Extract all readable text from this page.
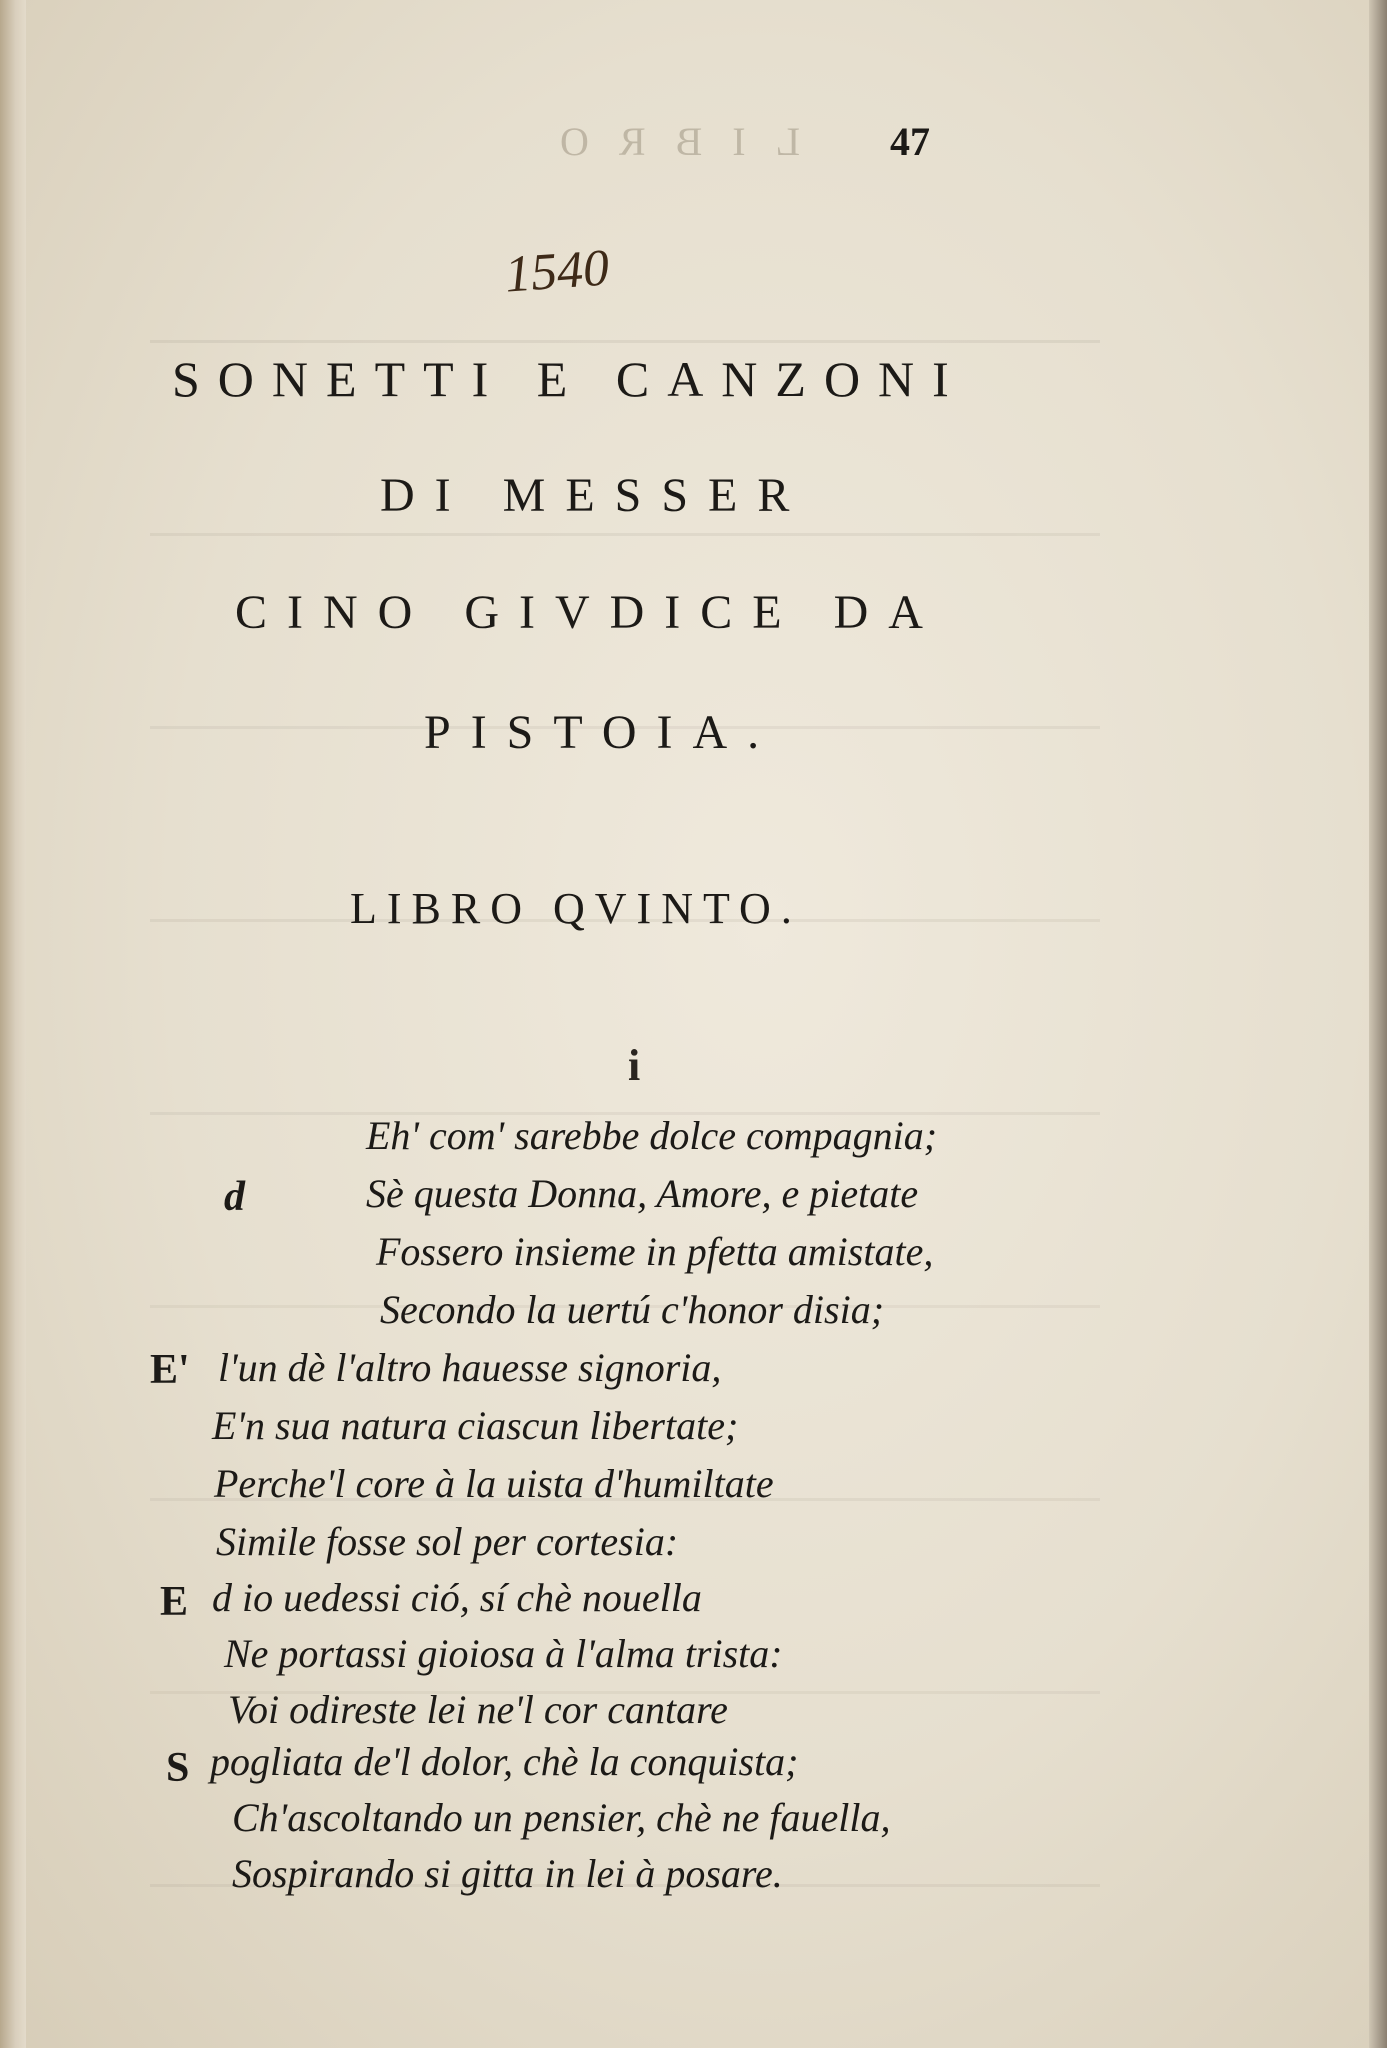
LIBRO 47
1540
SONETTI E CANZONI
DI MESSER
CINO GIVDICE DA
PISTOIA.
LIBRO QVINTO.
i
d
Eh' com' sarebbe dolce compagnia;
Sè questa Donna, Amore, e pietate
Fossero insieme in pfetta amistate,
Secondo la uertú c'honor disia;
E' l'un dè l'altro hauesse signoria,
E'n sua natura ciascun libertate;
Perche'l core à la uista d'humiltate
Simile fosse sol per cortesia:
E d io uedessi ció, sí chè nouella
Ne portassi gioiosa à l'alma trista:
Voi odireste lei ne'l cor cantare
S pogliata de'l dolor, chè la conquista;
Ch'ascoltando un pensier, chè ne fauella,
Sospirando si gitta in lei à posare.
